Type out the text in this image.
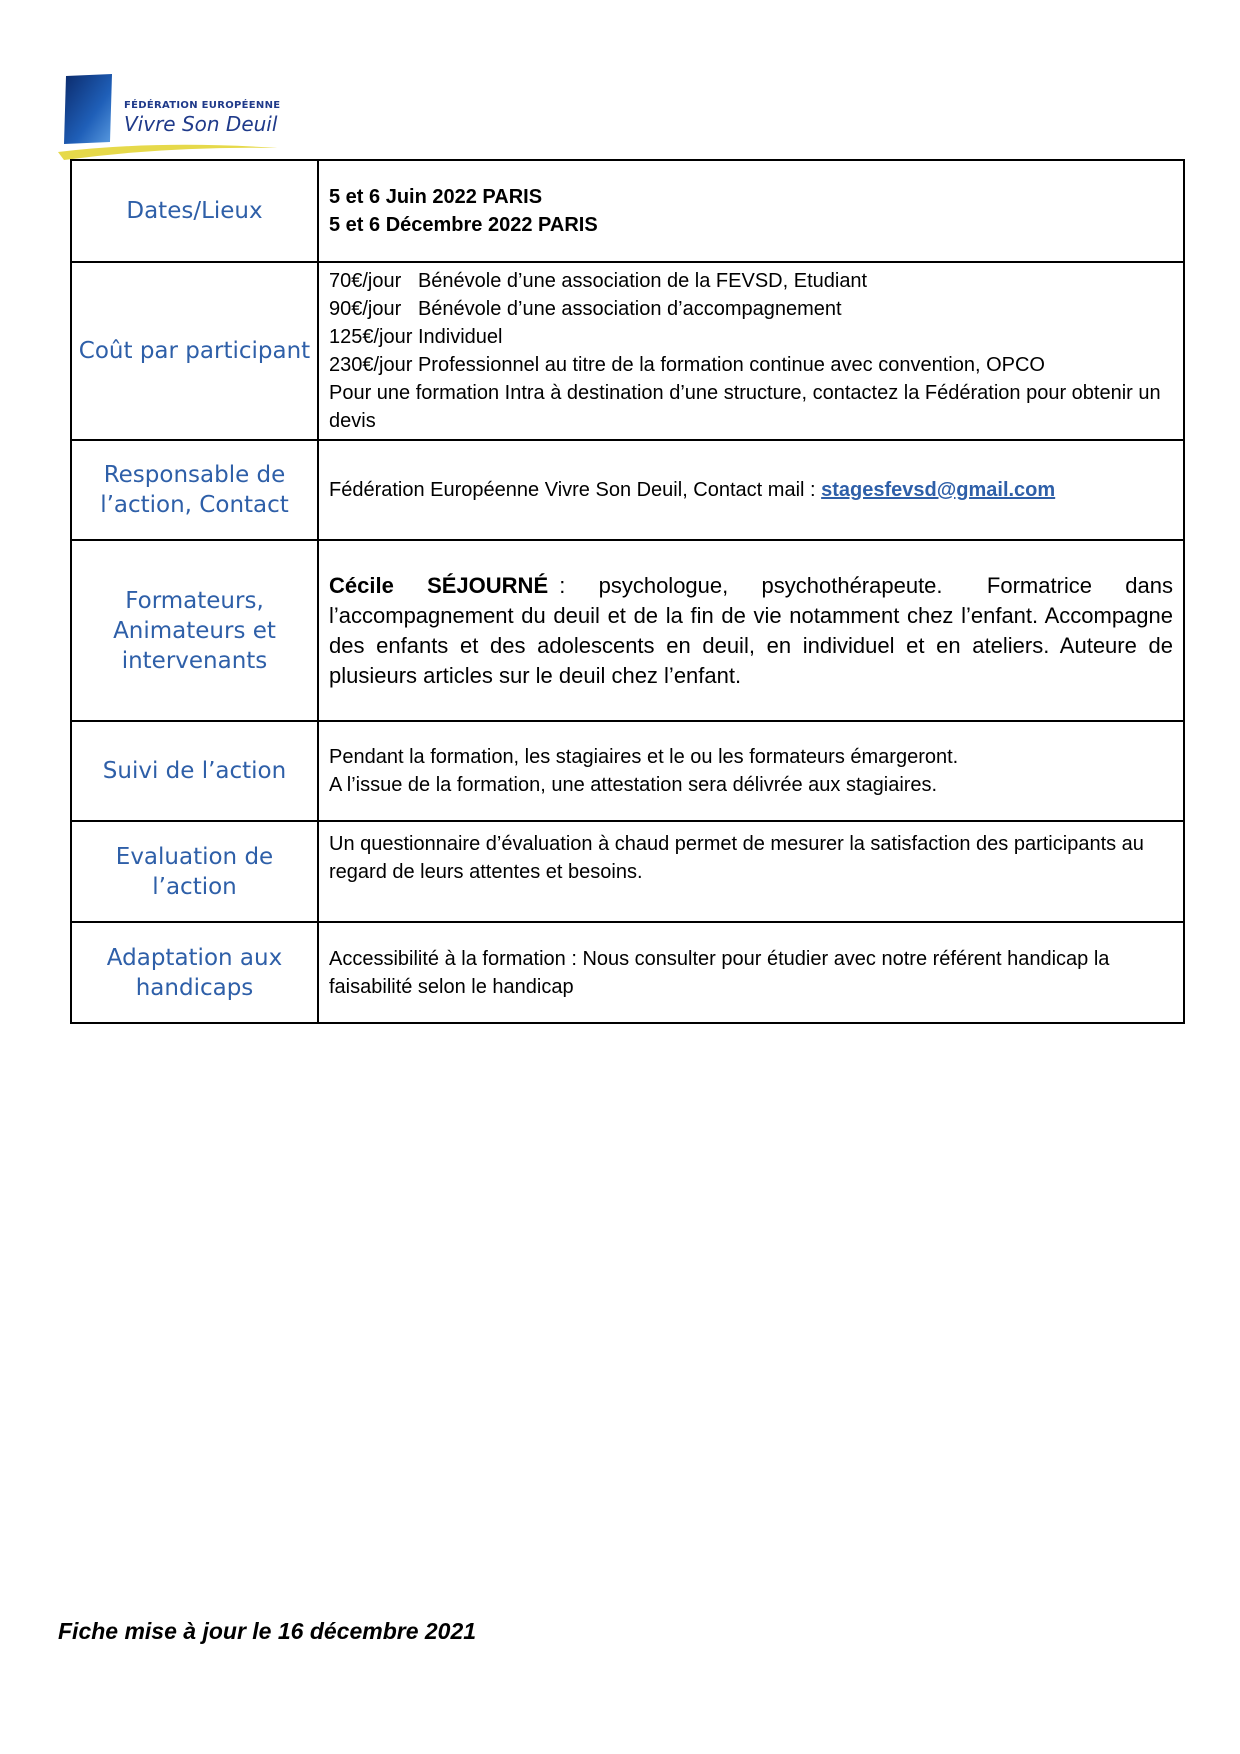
FÉDÉRATION EUROPÉENNE
Vivre Son Deuil
Dates/Lieux	5 et 6 Juin 2022 PARIS
5 et 6 Décembre 2022 PARIS

Coût par participant	70€/jour   Bénévole d’une association de la FEVSD, Etudiant
90€/jour   Bénévole d’une association d’accompagnement
125€/jour Individuel
230€/jour Professionnel au titre de la formation continue avec convention, OPCO
Pour une formation Intra à destination d’une structure, contactez la Fédération pour obtenir un devis

Responsable de l’action, Contact	Fédération Européenne Vivre Son Deuil, Contact mail : stagesfevsd@gmail.com
Formateurs, Animateurs et intervenants	Cécile   SÉJOURNÉ :   psychologue,   psychothérapeute.    Formatrice   dans l’accompagnement du deuil et de la fin de vie notamment chez l’enfant. Accompagne des enfants et des adolescents en deuil, en individuel et en ateliers. Auteure de plusieurs articles sur le deuil chez l’enfant.

Suivi de l’action	Pendant la formation, les stagiaires et le ou les formateurs émargeront.
A l’issue de la formation, une attestation sera délivrée aux stagiaires.

Evaluation de l’action	Un questionnaire d’évaluation à chaud permet de mesurer la satisfaction des participants au regard de leurs attentes et besoins.

Adaptation aux handicaps	Accessibilité à la formation : Nous consulter pour étudier avec notre référent handicap la faisabilité selon le handicap
Fiche mise à jour le 16 décembre 2021
